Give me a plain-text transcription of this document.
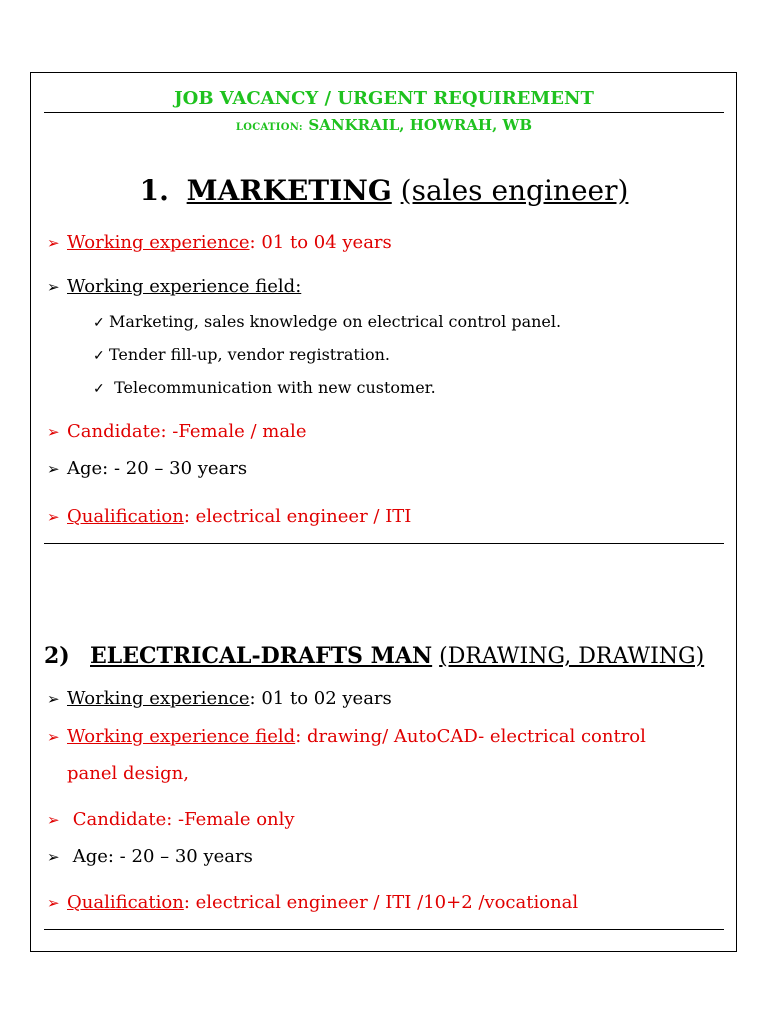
JOB VACANCY / URGENT REQUIREMENT
LOCATION: SANKRAIL, HOWRAH, WB
1. MARKETING (sales engineer)
➢ Working experience: 01 to 04 years
➢ Working experience field:
✓ Marketing, sales knowledge on electrical control panel.
✓ Tender fill-up, vendor registration.
✓ Telecommunication with new customer.
➢ Candidate: -Female / male
➢ Age: - 20 – 30 years
➢ Qualification: electrical engineer / ITI
2) ELECTRICAL-DRAFTS MAN (DRAWING, DRAWING)
➢ Working experience: 01 to 02 years
➢ Working experience field: drawing/ AutoCAD- electrical control
panel design,
➢ Candidate: -Female only
➢ Age: - 20 – 30 years
➢ Qualification: electrical engineer / ITI /10+2 /vocational
